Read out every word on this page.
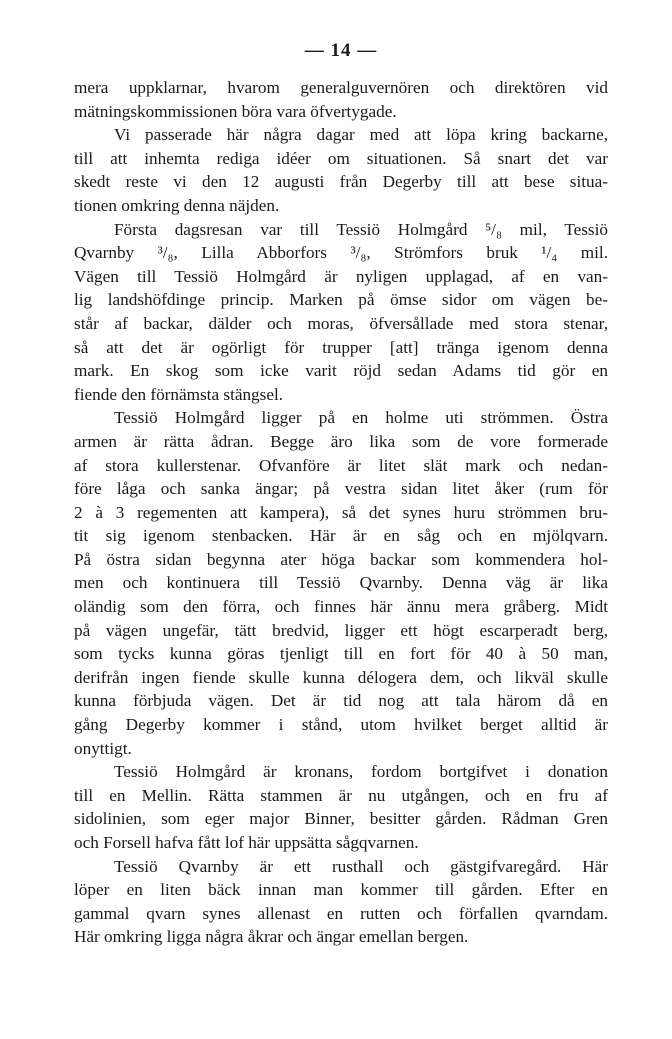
— 14 —
mera uppklarnar, hvarom generalguvernören och direktören vid
mätningskommissionen böra vara öfvertygade.
Vi passerade här några dagar med att löpa kring backarne,
till att inhemta rediga idéer om situationen. Så snart det var
skedt reste vi den 12 augusti från Degerby till att bese situa-
tionen omkring denna näjden.
Första dagsresan var till Tessiö Holmgård ⁵/₈ mil, Tessiö
Qvarnby ³/₈, Lilla Abborfors ³/₈, Strömfors bruk ¹/₄ mil.
Vägen till Tessiö Holmgård är nyligen upplagad, af en van-
lig landshöfdinge princip. Marken på ömse sidor om vägen be-
står af backar, dälder och moras, öfversållade med stora stenar,
så att det är ogörligt för trupper [att] tränga igenom denna
mark. En skog som icke varit röjd sedan Adams tid gör en
fiende den förnämsta stängsel.
Tessiö Holmgård ligger på en holme uti strömmen. Östra
armen är rätta ådran. Begge äro lika som de vore formerade
af stora kullerstenar. Ofvanföre är litet slät mark och nedan-
före låga och sanka ängar; på vestra sidan litet åker (rum för
2 à 3 regementen att kampera), så det synes huru strömmen bru-
tit sig igenom stenbacken. Här är en såg och en mjölqvarn.
På östra sidan begynna ater höga backar som kommendera hol-
men och kontinuera till Tessiö Qvarnby. Denna väg är lika
oländig som den förra, och finnes här ännu mera gråberg. Midt
på vägen ungefär, tätt bredvid, ligger ett högt escarperadt berg,
som tycks kunna göras tjenligt till en fort för 40 à 50 man,
derifrån ingen fiende skulle kunna délogera dem, och likväl skulle
kunna förbjuda vägen. Det är tid nog att tala härom då en
gång Degerby kommer i stånd, utom hvilket berget alltid är
onyttigt.
Tessiö Holmgård är kronans, fordom bortgifvet i donation
till en Mellin. Rätta stammen är nu utgången, och en fru af
sidolinien, som eger major Binner, besitter gården. Rådman Gren
och Forsell hafva fått lof här uppsätta sågqvarnen.
Tessiö Qvarnby är ett rusthall och gästgifvaregård. Här
löper en liten bäck innan man kommer till gården. Efter en
gammal qvarn synes allenast en rutten och förfallen qvarndam.
Här omkring ligga några åkrar och ängar emellan bergen.
